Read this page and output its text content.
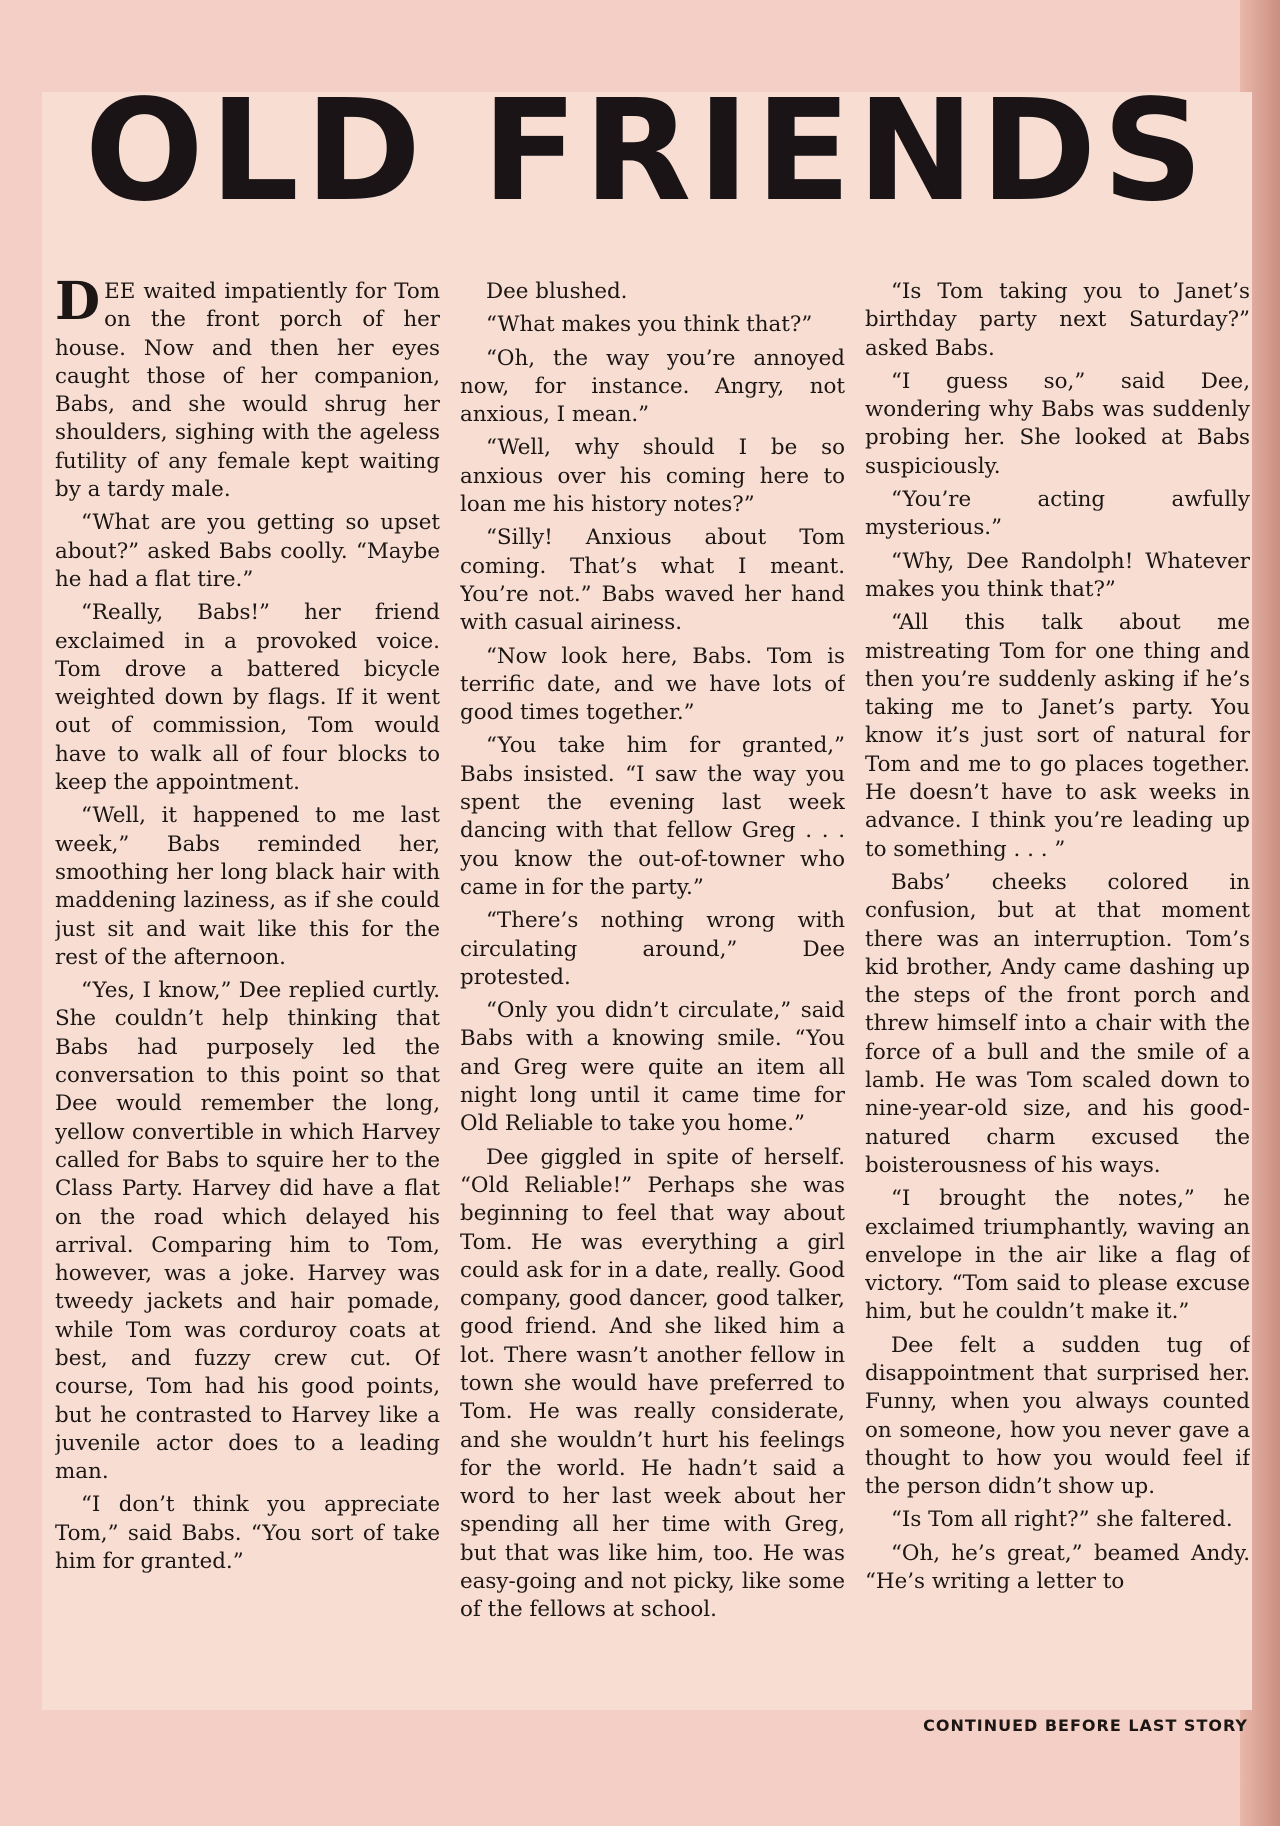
OLD FRIENDS

DEE waited impatiently for Tom on the front porch of her house. Now and then her eyes caught those of her companion, Babs, and she would shrug her shoulders, sighing with the ageless futility of any female kept waiting by a tardy male.

“What are you getting so upset about?” asked Babs coolly. “Maybe he had a flat tire.”

“Really, Babs!” her friend exclaimed in a provoked voice. Tom drove a battered bicycle weighted down by flags. If it went out of commission, Tom would have to walk all of four blocks to keep the appointment.

“Well, it happened to me last week,” Babs reminded her, smoothing her long black hair with maddening laziness, as if she could just sit and wait like this for the rest of the afternoon.

“Yes, I know,” Dee replied curtly. She couldn’t help thinking that Babs had purposely led the conversation to this point so that Dee would remember the long, yellow convertible in which Harvey called for Babs to squire her to the Class Party. Harvey did have a flat on the road which delayed his arrival. Comparing him to Tom, however, was a joke. Harvey was tweedy jackets and hair pomade, while Tom was corduroy coats at best, and fuzzy crew cut. Of course, Tom had his good points, but he contrasted to Harvey like a juvenile actor does to a leading man.

“I don’t think you appreciate Tom,” said Babs. “You sort of take him for granted.”

Dee blushed.

“What makes you think that?”

“Oh, the way you’re annoyed now, for instance. Angry, not anxious, I mean.”

“Well, why should I be so anxious over his coming here to loan me his history notes?”

“Silly! Anxious about Tom coming. That’s what I meant. You’re not.” Babs waved her hand with casual airiness.

“Now look here, Babs. Tom is terrific date, and we have lots of good times together.”

“You take him for granted,” Babs insisted. “I saw the way you spent the evening last week dancing with that fellow Greg . . . you know the out-of-towner who came in for the party.”

“There’s nothing wrong with circulating around,” Dee protested.

“Only you didn’t circulate,” said Babs with a knowing smile. “You and Greg were quite an item all night long until it came time for Old Reliable to take you home.”

Dee giggled in spite of herself. “Old Reliable!” Perhaps she was beginning to feel that way about Tom. He was everything a girl could ask for in a date, really. Good company, good dancer, good talker, good friend. And she liked him a lot. There wasn’t another fellow in town she would have preferred to Tom. He was really considerate, and she wouldn’t hurt his feelings for the world. He hadn’t said a word to her last week about her spending all her time with Greg, but that was like him, too. He was easy-going and not picky, like some of the fellows at school.

“Is Tom taking you to Janet’s birthday party next Saturday?” asked Babs.

“I guess so,” said Dee, wondering why Babs was suddenly probing her. She looked at Babs suspiciously.

“You’re acting awfully mysterious.”

“Why, Dee Randolph! Whatever makes you think that?”

“All this talk about me mistreating Tom for one thing and then you’re suddenly asking if he’s taking me to Janet’s party. You know it’s just sort of natural for Tom and me to go places together. He doesn’t have to ask weeks in advance. I think you’re leading up to something . . . ”

Babs’ cheeks colored in confusion, but at that moment there was an interruption. Tom’s kid brother, Andy came dashing up the steps of the front porch and threw himself into a chair with the force of a bull and the smile of a lamb. He was Tom scaled down to nine-year-old size, and his good-natured charm excused the boisterousness of his ways.

“I brought the notes,” he exclaimed triumphantly, waving an envelope in the air like a flag of victory. “Tom said to please excuse him, but he couldn’t make it.”

Dee felt a sudden tug of disappointment that surprised her. Funny, when you always counted on someone, how you never gave a thought to how you would feel if the person didn’t show up.

“Is Tom all right?” she faltered.

“Oh, he’s great,” beamed Andy. “He’s writing a letter to

CONTINUED BEFORE LAST STORY
